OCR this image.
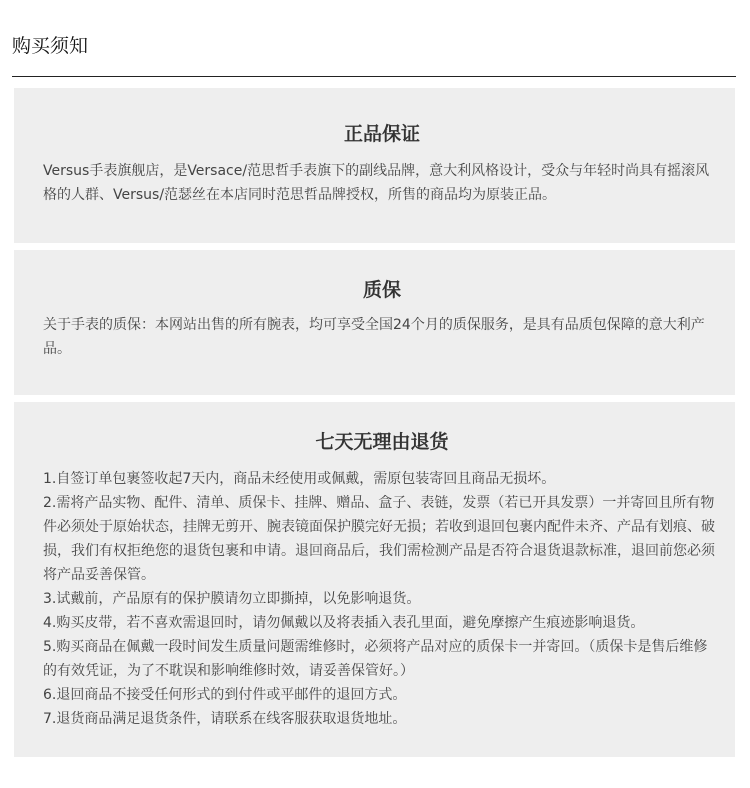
购买须知
正品保证

Versus手表旗舰店，是Versace/范思哲手表旗下的副线品牌，意大利风格设计，受众与年轻时尚具有摇滚风格的人群、Versus/范瑟丝在本店同时范思哲品牌授权，所售的商品均为原装正品。

质保

关于手表的质保：本网站出售的所有腕表，均可享受全国24个月的质保服务，是具有品质包保障的意大利产品。

七天无理由退货

1.自签订单包裹签收起7天内，商品未经使用或佩戴，需原包装寄回且商品无损坏。

2.需将产品实物、配件、清单、质保卡、挂牌、赠品、盒子、表链，发票（若已开具发票）一并寄回且所有物件必须处于原始状态，挂牌无剪开、腕表镜面保护膜完好无损；若收到退回包裹内配件未齐、产品有划痕、破损，我们有权拒绝您的退货包裹和申请。退回商品后，我们需检测产品是否符合退货退款标准，退回前您必须将产品妥善保管。

3.试戴前，产品原有的保护膜请勿立即撕掉，以免影响退货。

4.购买皮带，若不喜欢需退回时，请勿佩戴以及将表插入表孔里面，避免摩擦产生痕迹影响退货。

5.购买商品在佩戴一段时间发生质量问题需维修时，必须将产品对应的质保卡一并寄回。（质保卡是售后维修的有效凭证，为了不耽误和影响维修时效，请妥善保管好。）

6.退回商品不接受任何形式的到付件或平邮件的退回方式。

7.退货商品满足退货条件，请联系在线客服获取退货地址。
